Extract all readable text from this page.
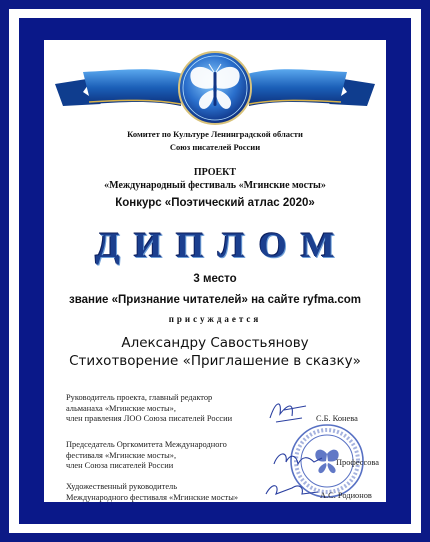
Комитет по Культуре Ленинградской области
Союз писателей России
ПРОЕКТ
«Международный фестиваль «Мгинские мосты»
Конкурс «Поэтический атлас 2020»
ДИПЛОМ
3 место
звание «Признание читателей» на сайте ryfma.com
присуждается
Александру Савостьянову
Стихотворение «Приглашение в сказку»
Руководитель проекта, главный редактор
альманаха «Мгинские мосты»,
член правления ЛОО Союза писателей России	С.Б. Конева
Председатель Оргкомитета Международного
фестиваля «Мгинские мосты»,
член Союза писателей России	Профессова
Художественный руководитель
Международного фестиваля «Мгинские мосты»	А.С. Родионов
